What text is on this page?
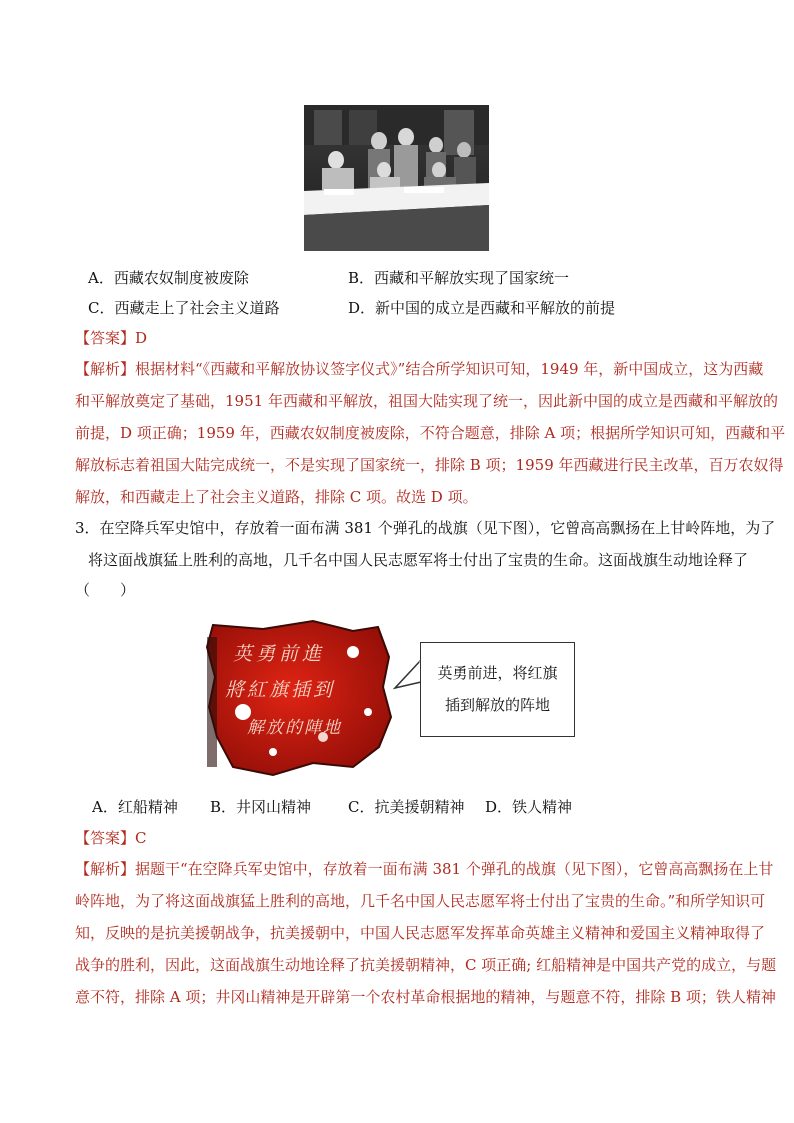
A．西藏农奴制度被废除	B．西藏和平解放实现了国家统一
C．西藏走上了社会主义道路	D．新中国的成立是西藏和平解放的前提
【答案】D
【解析】根据材料“《西藏和平解放协议签字仪式》”结合所学知识可知，1949 年，新中国成立，这为西藏
和平解放奠定了基础，1951 年西藏和平解放，祖国大陆实现了统一，因此新中国的成立是西藏和平解放的
前提，D 项正确；1959 年，西藏农奴制度被废除，不符合题意，排除 A 项；根据所学知识可知，西藏和平
解放标志着祖国大陆完成统一，不是实现了国家统一，排除 B 项；1959 年西藏进行民主改革，百万农奴得
解放，和西藏走上了社会主义道路，排除 C 项。故选 D 项。
3．在空降兵军史馆中，存放着一面布满 381 个弹孔的战旗（见下图），它曾高高飘扬在上甘岭阵地，为了
将这面战旗猛上胜利的高地，几千名中国人民志愿军将士付出了宝贵的生命。这面战旗生动地诠释了
（　　）
英勇前進
將紅旗插到
解放的陣地
英勇前进，将红旗
插到解放的阵地
A．红船精神 B．井冈山精神 C．抗美援朝精神 D．铁人精神
【答案】C
【解析】据题干“在空降兵军史馆中，存放着一面布满 381 个弹孔的战旗（见下图），它曾高高飘扬在上甘
岭阵地，为了将这面战旗猛上胜利的高地，几千名中国人民志愿军将士付出了宝贵的生命。”和所学知识可
知，反映的是抗美援朝战争，抗美援朝中，中国人民志愿军发挥革命英雄主义精神和爱国主义精神取得了
战争的胜利，因此，这面战旗生动地诠释了抗美援朝精神，C 项正确; 红船精神是中国共产党的成立，与题
意不符，排除 A 项；井冈山精神是开辟第一个农村革命根据地的精神，与题意不符，排除 B 项；铁人精神
